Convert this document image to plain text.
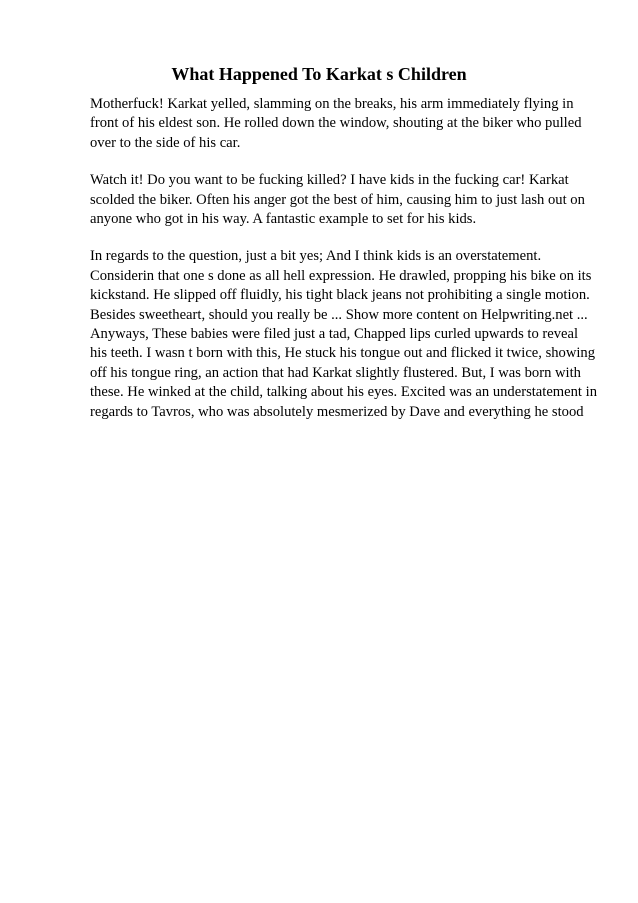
What Happened To Karkat s Children

Motherfuck! Karkat yelled, slamming on the breaks, his arm immediately flying in front of his eldest son. He rolled down the window, shouting at the biker who pulled over to the side of his car.

Watch it! Do you want to be fucking killed? I have kids in the fucking car! Karkat scolded the biker. Often his anger got the best of him, causing him to just lash out on anyone who got in his way. A fantastic example to set for his kids.

In regards to the question, just a bit yes; And I think kids is an overstatement. Considerin that one s done as all hell expression. He drawled, propping his bike on its kickstand. He slipped off fluidly, his tight black jeans not prohibiting a single motion. Besides sweetheart, should you really be ... Show more content on Helpwriting.net ...

Anyways, These babies were filed just a tad, Chapped lips curled upwards to reveal his teeth. I wasn t born with this, He stuck his tongue out and flicked it twice, showing off his tongue ring, an action that had Karkat slightly flustered. But, I was born with these. He winked at the child, talking about his eyes. Excited was an understatement in regards to Tavros, who was absolutely mesmerized by Dave and everything he stood
